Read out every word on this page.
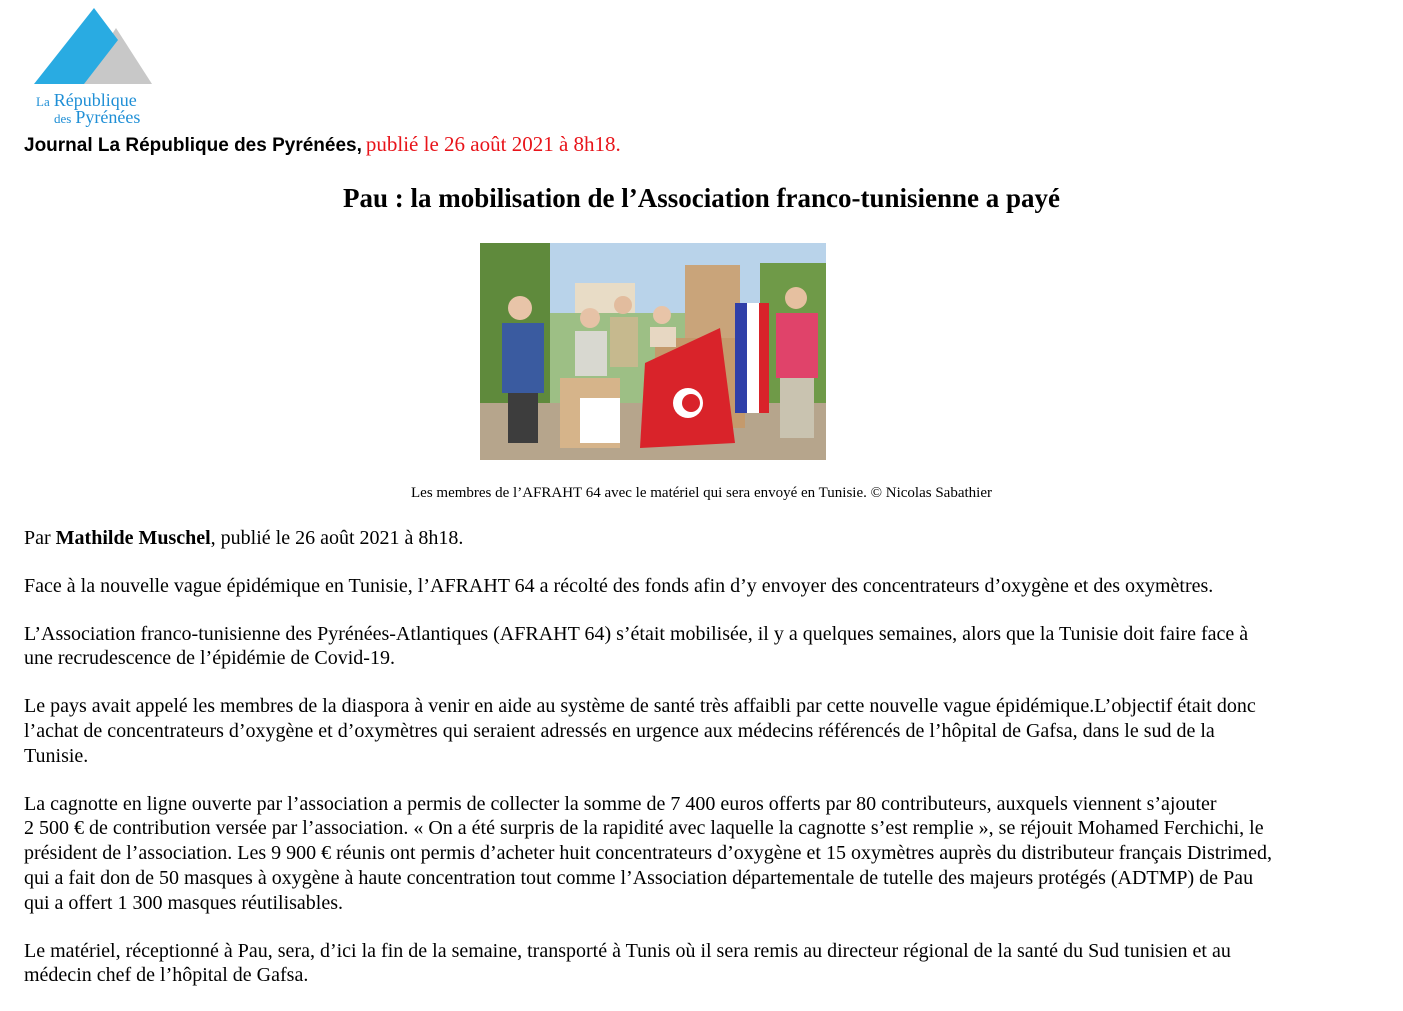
La République
des Pyrénées
Journal La République des Pyrénées, publié le 26 août 2021 à 8h18.
Pau : la mobilisation de l’Association franco-tunisienne a payé
Les membres de l’AFRAHT 64 avec le matériel qui sera envoyé en Tunisie. © Nicolas Sabathier

Par Mathilde Muschel, publié le 26 août 2021 à 8h18.

Face à la nouvelle vague épidémique en Tunisie, l’AFRAHT 64 a récolté des fonds afin d’y envoyer des concentrateurs d’oxygène et des oxymètres.

L’Association franco-tunisienne des Pyrénées-Atlantiques (AFRAHT 64) s’était mobilisée, il y a quelques semaines, alors que la Tunisie doit faire face à
une recrudescence de l’épidémie de Covid-19.

Le pays avait appelé les membres de la diaspora à venir en aide au système de santé très affaibli par cette nouvelle vague épidémique.L’objectif était donc
l’achat de concentrateurs d’oxygène et d’oxymètres qui seraient adressés en urgence aux médecins référencés de l’hôpital de Gafsa, dans le sud de la
Tunisie.

La cagnotte en ligne ouverte par l’association a permis de collecter la somme de 7 400 euros offerts par 80 contributeurs, auxquels viennent s’ajouter
2 500 € de contribution versée par l’association. « On a été surpris de la rapidité avec laquelle la cagnotte s’est remplie », se réjouit Mohamed Ferchichi, le
président de l’association. Les 9 900 € réunis ont permis d’acheter huit concentrateurs d’oxygène et 15 oxymètres auprès du distributeur français Distrimed,
qui a fait don de 50 masques à oxygène à haute concentration tout comme l’Association départementale de tutelle des majeurs protégés (ADTMP) de Pau
qui a offert 1 300 masques réutilisables.

Le matériel, réceptionné à Pau, sera, d’ici la fin de la semaine, transporté à Tunis où il sera remis au directeur régional de la santé du Sud tunisien et au
médecin chef de l’hôpital de Gafsa.
